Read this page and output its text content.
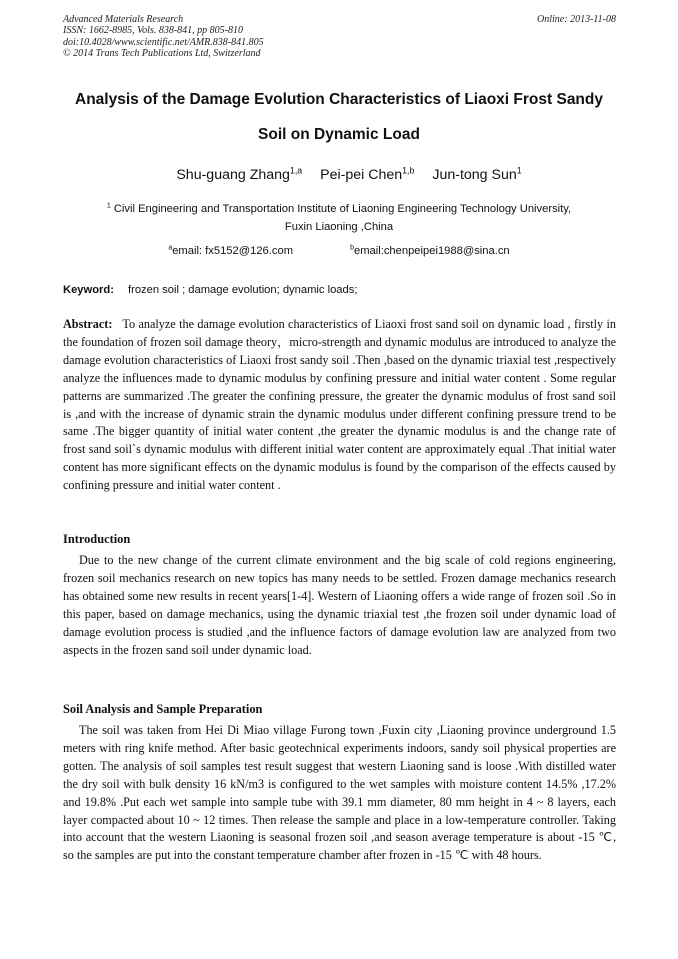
Advanced Materials Research
ISSN: 1662-8985, Vols. 838-841, pp 805-810
doi:10.4028/www.scientific.net/AMR.838-841.805
© 2014 Trans Tech Publications Ltd, Switzerland
Online: 2013-11-08
Analysis of the Damage Evolution Characteristics of Liaoxi Frost Sandy
Soil on Dynamic Load
Shu-guang Zhang$^{1,a}$ Pei-pei Chen$^{1,b}$ Jun-tong Sun$^1$
$^1$ Civil Engineering and Transportation Institute of Liaoning Engineering Technology University,
Fuxin Liaoning ,China
$^a$email: fx5152@126.com	$^b$email:chenpeipei1988@sina.cn
Keyword: frozen soil ; damage evolution; dynamic loads;

Abstract: To analyze the damage evolution characteristics of Liaoxi frost sand soil on dynamic load , firstly in the foundation of frozen soil damage theory，micro-strength and dynamic modulus are introduced to analyze the damage evolution characteristics of Liaoxi frost sandy soil .Then ,based on the dynamic triaxial test ,respectively analyze the influences made to dynamic modulus by confining pressure and initial water content . Some regular patterns are summarized .The greater the confining pressure, the greater the dynamic modulus of frost sand soil is ,and with the increase of dynamic strain the dynamic modulus under different confining pressure trend to be same .The bigger quantity of initial water content ,the greater the dynamic modulus is and the change rate of frost sand soil`s dynamic modulus with different initial water content are approximately equal .That initial water content has more significant effects on the dynamic modulus is found by the comparison of the effects caused by confining pressure and initial water content .

Introduction

Due to the new change of the current climate environment and the big scale of cold regions engineering, frozen soil mechanics research on new topics has many needs to be settled. Frozen damage mechanics research has obtained some new results in recent years[1-4]. Western of Liaoning offers a wide range of frozen soil .So in this paper, based on damage mechanics, using the dynamic triaxial test ,the frozen soil under dynamic load of damage evolution process is studied ,and the influence factors of damage evolution law are analyzed from two aspects in the frozen sand soil under dynamic load.

Soil Analysis and Sample Preparation

The soil was taken from Hei Di Miao village Furong town ,Fuxin city ,Liaoning province underground 1.5 meters with ring knife method. After basic geotechnical experiments indoors, sandy soil physical properties are gotten. The analysis of soil samples test result suggest that western Liaoning sand is loose .With distilled water the dry soil with bulk density 16 kN/m3 is configured to the wet samples with moisture content 14.5% ,17.2% and 19.8% .Put each wet sample into sample tube with 39.1 mm diameter, 80 mm height in 4 ~ 8 layers, each layer compacted about 10 ~ 12 times. Then release the sample and place in a low-temperature controller. Taking into account that the western Liaoning is seasonal frozen soil ,and season average temperature is about -15 ℃, so the samples are put into the constant temperature chamber after frozen in -15 ℃ with 48 hours.
